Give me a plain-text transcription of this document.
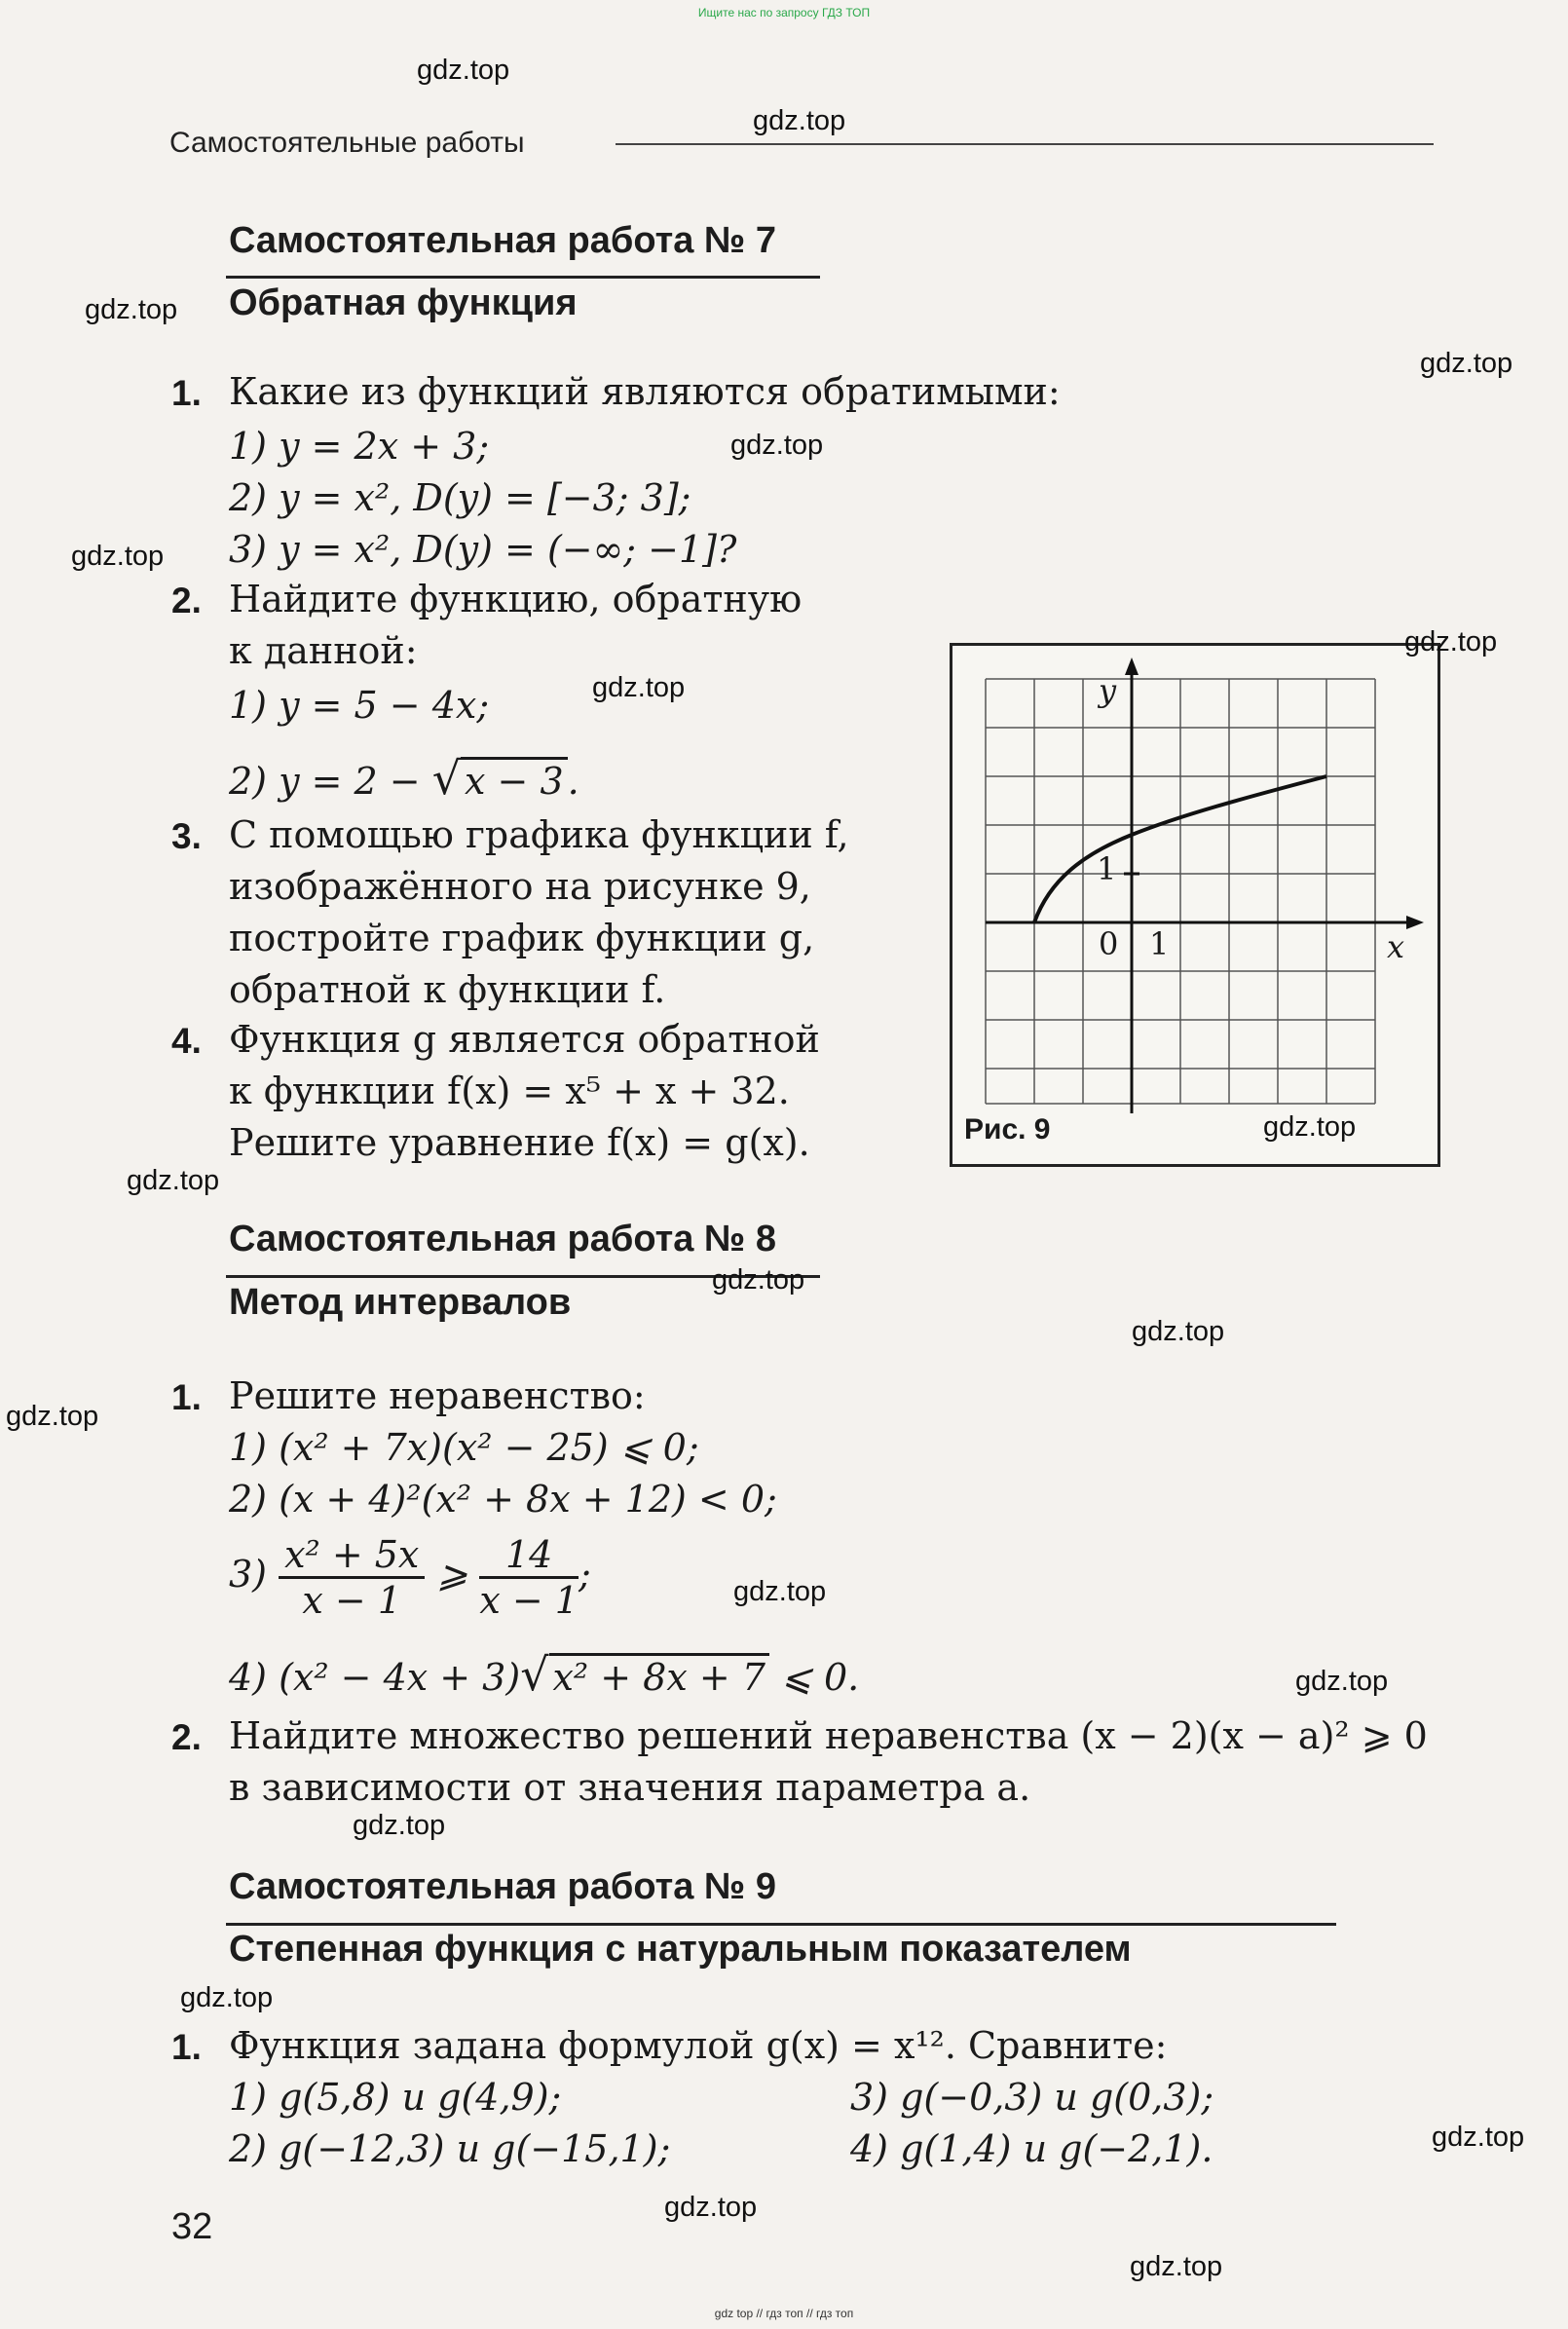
Ищите нас по запросу ГДЗ ТОП
Самостоятельные работы
Самостоятельная работа № 7
Обратная функция
1. Какие из функций являются обратимыми:
1) y = 2x + 3;
2) y = x², D(y) = [−3; 3];
3) y = x², D(y) = (−∞; −1]?
2. Найдите функцию, обратную
к данной:
1) y = 5 − 4x;
2) y = 2 − √ x − 3 .
3. С помощью графика функции f,
изображённого на рисунке 9,
постройте график функции g,
обратной к функции f.
4. Функция g является обратной
к функции f(x) = x⁵ + x + 32.
Решите уравнение f(x) = g(x).
y
x
0 1
1
Рис. 9
Самостоятельная работа № 8
Метод интервалов
1. Решите неравенство:
1) (x² + 7x)(x² − 25) ⩽ 0;
2) (x + 4)²(x² + 8x + 12) < 0;
$3) \frac{\text{x² + 5x}}{x - 1}$ ⩾ $\frac{14}{x - 1}$ ;
4) (x² − 4x + 3)√ x² + 8x + 7 ⩽ 0.
2. Найдите множество решений неравенства (x − 2)(x − a)² ⩾ 0
в зависимости от значения параметра a.
Самостоятельная работа № 9
Степенная функция с натуральным показателем
1. Функция задана формулой g(x) = x¹². Сравните:
1) g(5,8) и g(4,9);	3) g(−0,3) и g(0,3);
2) g(−12,3) и g(−15,1);	4) g(1,4) и g(−2,1).
32
gdz.top
gdz.top
gdz.top
gdz.top
gdz.top
gdz.top
gdz.top
gdz.top
gdz.top
gdz.top
gdz.top
gdz.top
gdz.top
gdz.top
gdz.top
gdz.top
gdz.top
gdz.top
gdz.top
gdz.top
gdz top // гдз топ // гдз топ
